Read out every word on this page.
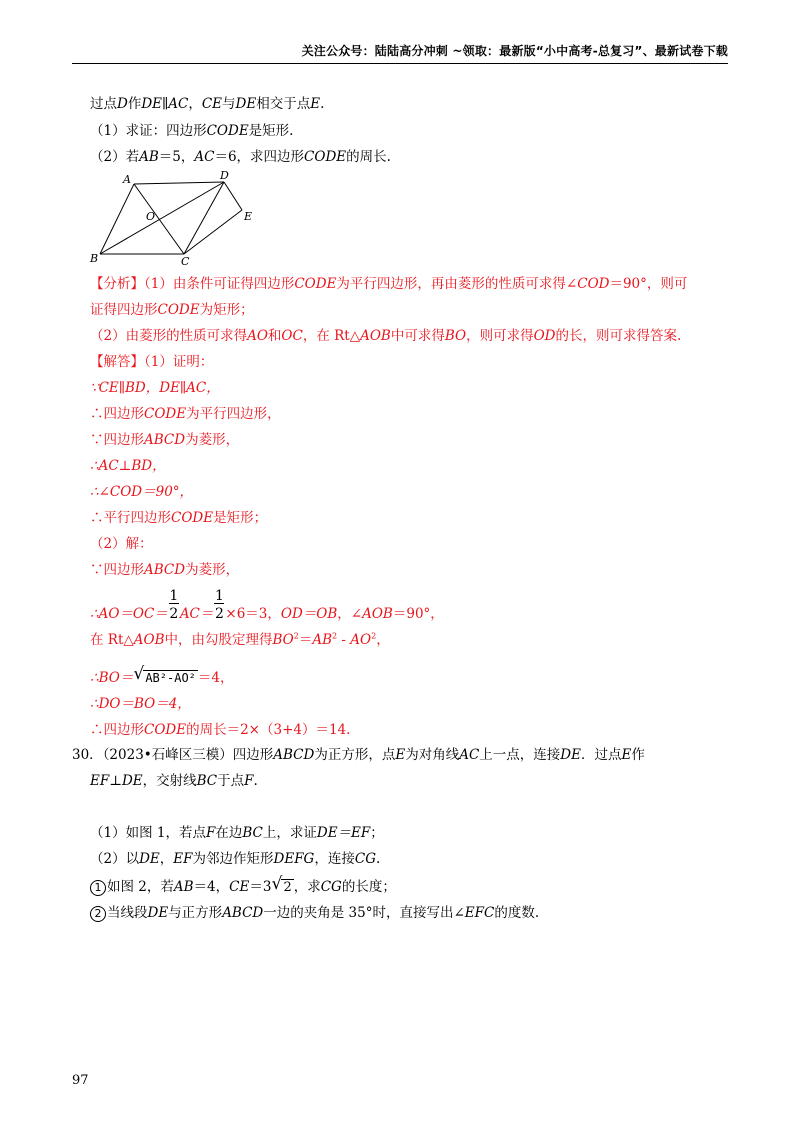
关注公众号：陆陆高分冲刺 ~领取：最新版“小中高考-总复习”、最新试卷下载
过点D作DE∥AC，CE与DE相交于点E.
（1）求证：四边形CODE是矩形.
（2）若AB＝5，AC＝6，求四边形CODE的周长.
A	D
O	E
B	C
【分析】（1）由条件可证得四边形CODE为平行四边形，再由菱形的性质可求得∠COD＝90°，则可
证得四边形CODE为矩形；
（2）由菱形的性质可求得AO和OC，在 Rt△AOB中可求得BO，则可求得OD的长，则可求得答案.
【解答】（1）证明：
∵CE∥BD，DE∥AC，
∴四边形CODE为平行四边形，
∵四边形ABCD为菱形，
∴AC⊥BD，
∴∠COD＝90°，
∴平行四边形CODE是矩形；
（2）解：
∵四边形ABCD为菱形，
∴AO＝OC＝ $\frac{1}{2}AC= \frac{1}{2}\times 6=3$，OD＝OB，∠AOB＝90°，
在 Rt△AOB中，由勾股定理得$BO^2=AB^2 - AO^2$，
∴BO＝ √ AB²-AO² ＝4，
∴DO＝BO＝4，
∴四边形CODE的周长＝2×（3+4）＝14.
30．（2023•石峰区三模）四边形ABCD为正方形，点E为对角线AC上一点，连接DE．过点E作
EF⊥DE，交射线BC于点F.
（1）如图 1，若点F在边BC上，求证DE＝EF；
（2）以DE，EF为邻边作矩形DEFG，连接CG.
1 如图 2，若AB＝4，CE＝3 √ 2 ，求CG的长度；
2 当线段DE与正方形ABCD一边的夹角是 35°时，直接写出∠EFC的度数.
97
